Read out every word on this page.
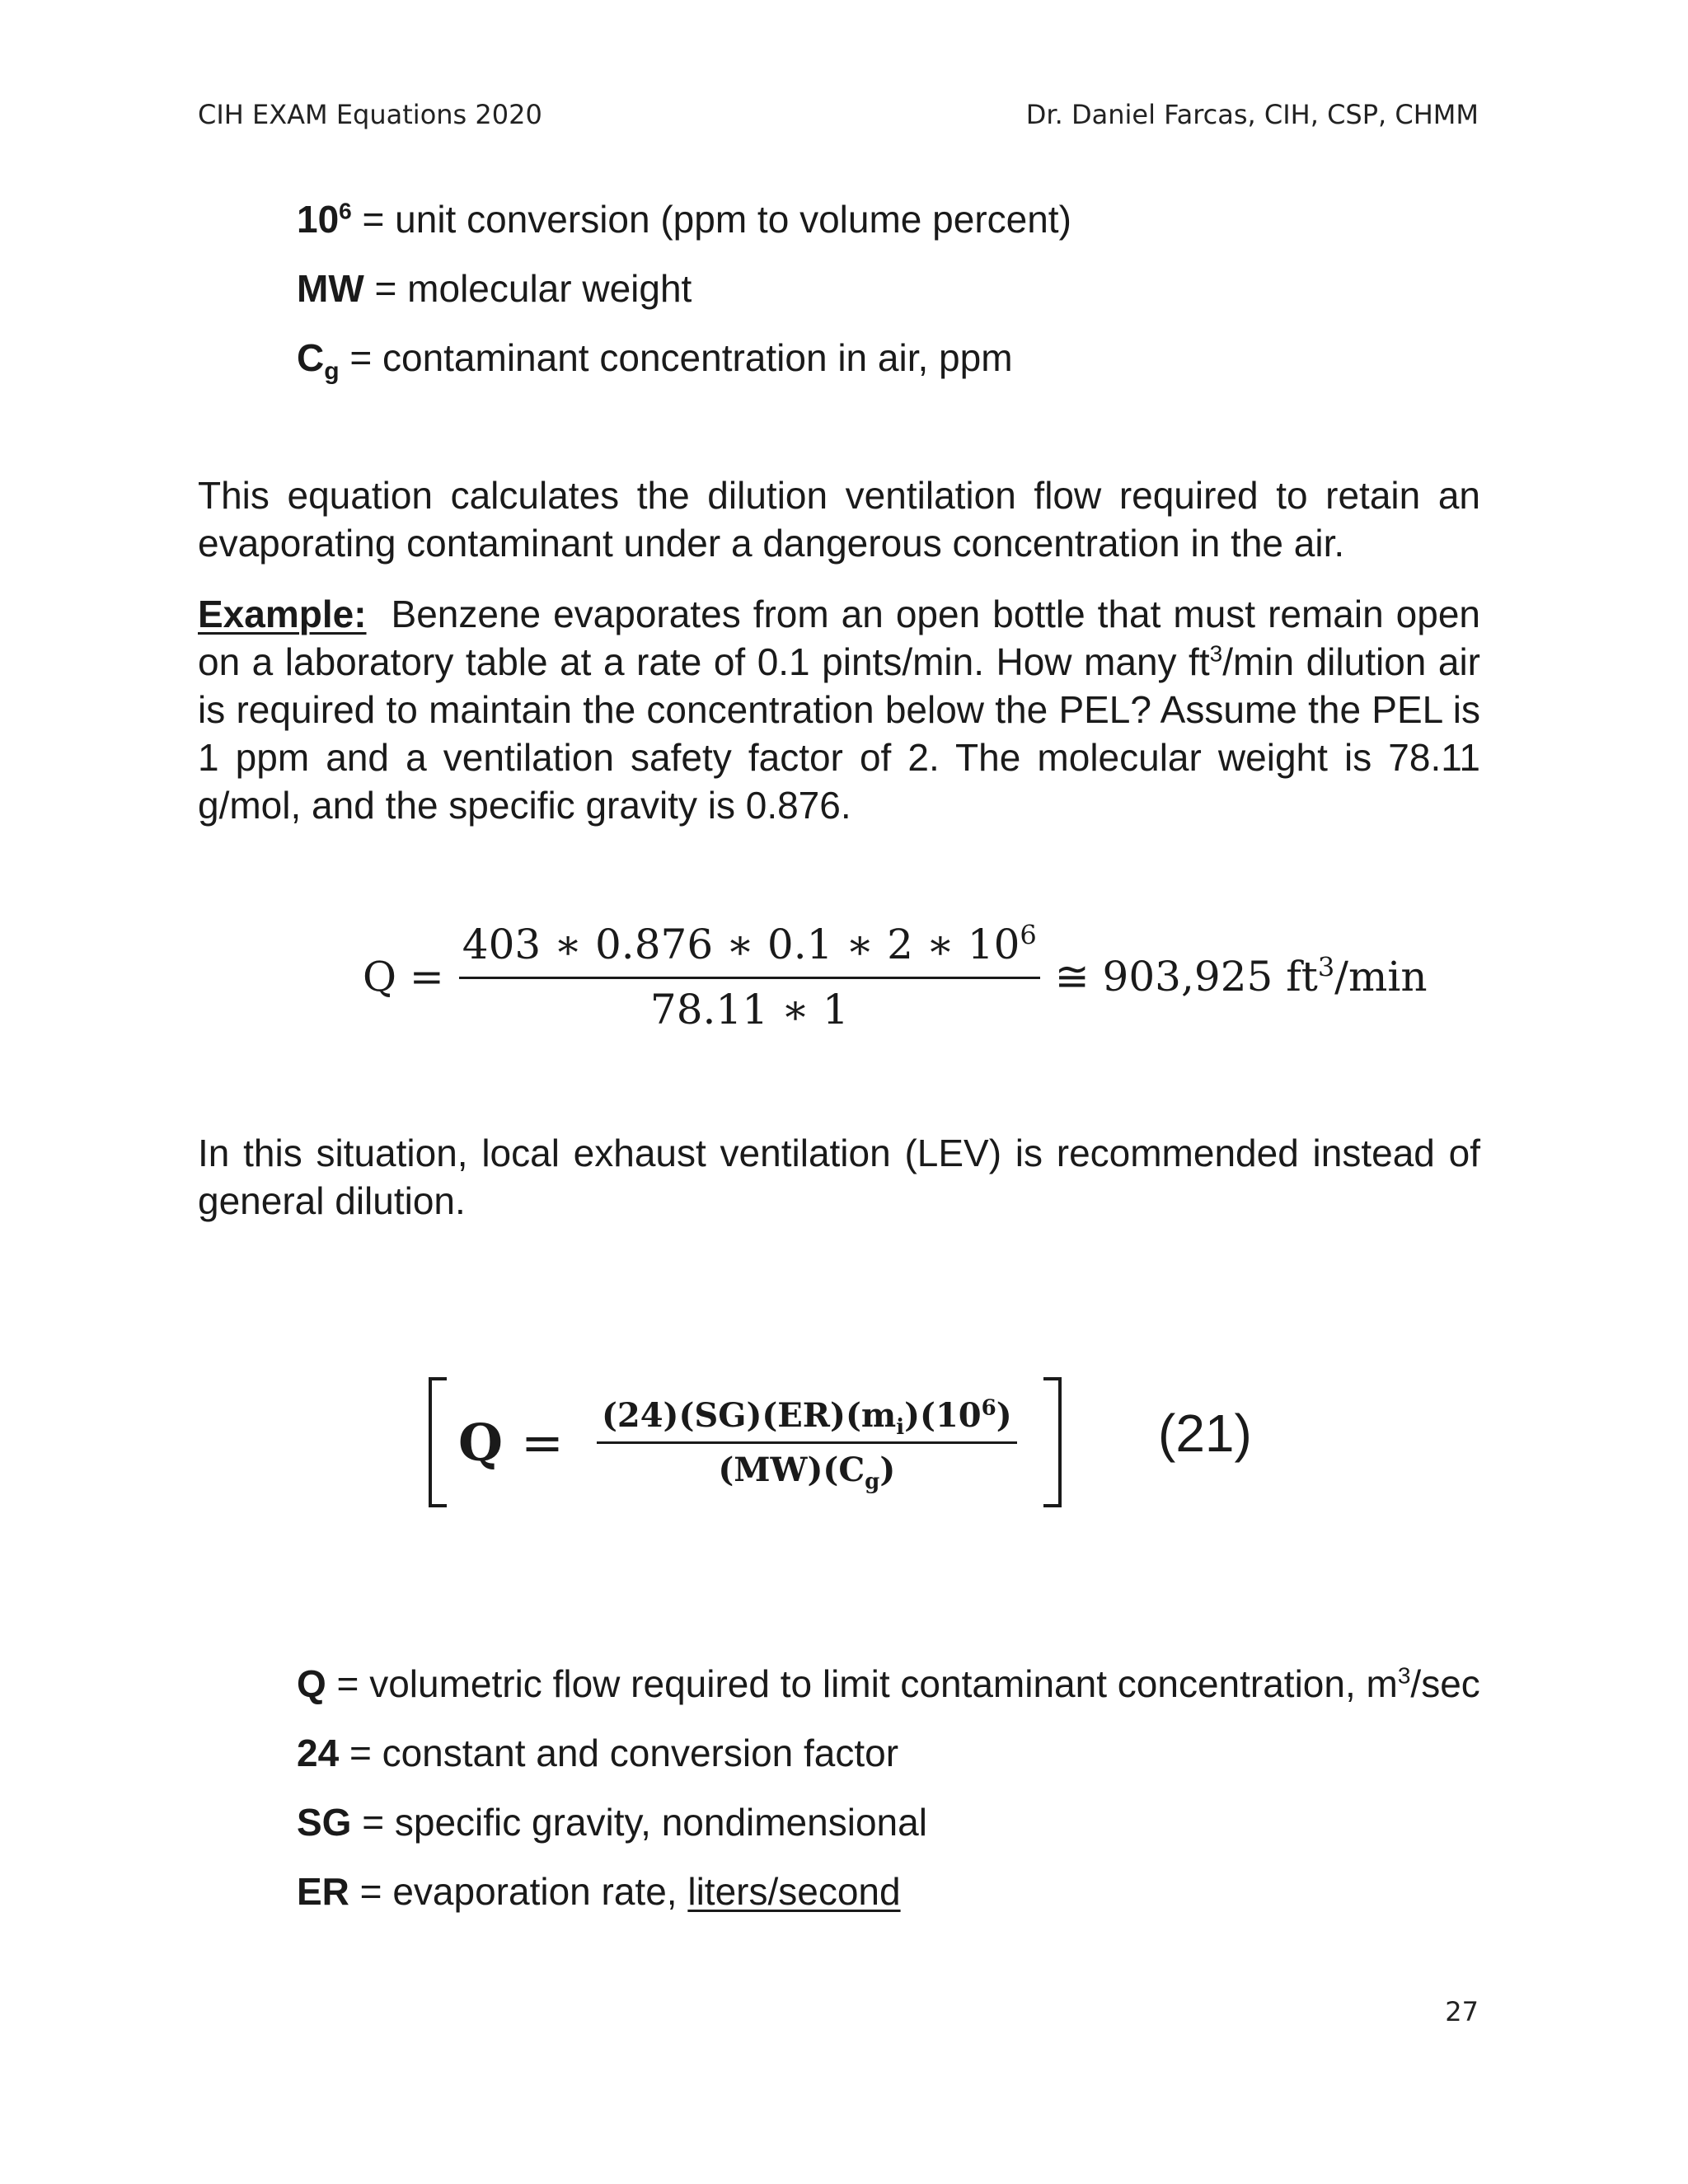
CIH EXAM Equations 2020	Dr. Daniel Farcas, CIH, CSP, CHMM
$10^6$ = unit conversion (ppm to volume percent)
MW = molecular weight
$C_g$ = contaminant concentration in air, ppm

This equation calculates the dilution ventilation flow required to retain an evaporating contaminant under a dangerous concentration in the air.

Example: Benzene evaporates from an open bottle that must remain open on a laboratory table at a rate of 0.1 pints/min. How many $ft^3/\min$ dilution air is required to maintain the concentration below the PEL? Assume the PEL is 1 ppm and a ventilation safety factor of 2. The molecular weight is 78.11 g/mol, and the specific gravity is 0.876.

$Q = \frac{403 ∗ 0.876 ∗ 0.1 ∗ 2 ∗ 10^6}{78.11 ∗ 1}$ ≅ 903,925 $ft^3/\min$

In this situation, local exhaust ventilation (LEV) is recommended instead of general dilution.

$Q = \frac{(24)(SG)(ER)(m_i)(10^6)}{(MW)(C_g)}$	(21)
Q = volumetric flow required to limit contaminant concentration, $m^3/\sec$
24 = constant and conversion factor
SG = specific gravity, nondimensional
ER = evaporation rate, liters/second
27
